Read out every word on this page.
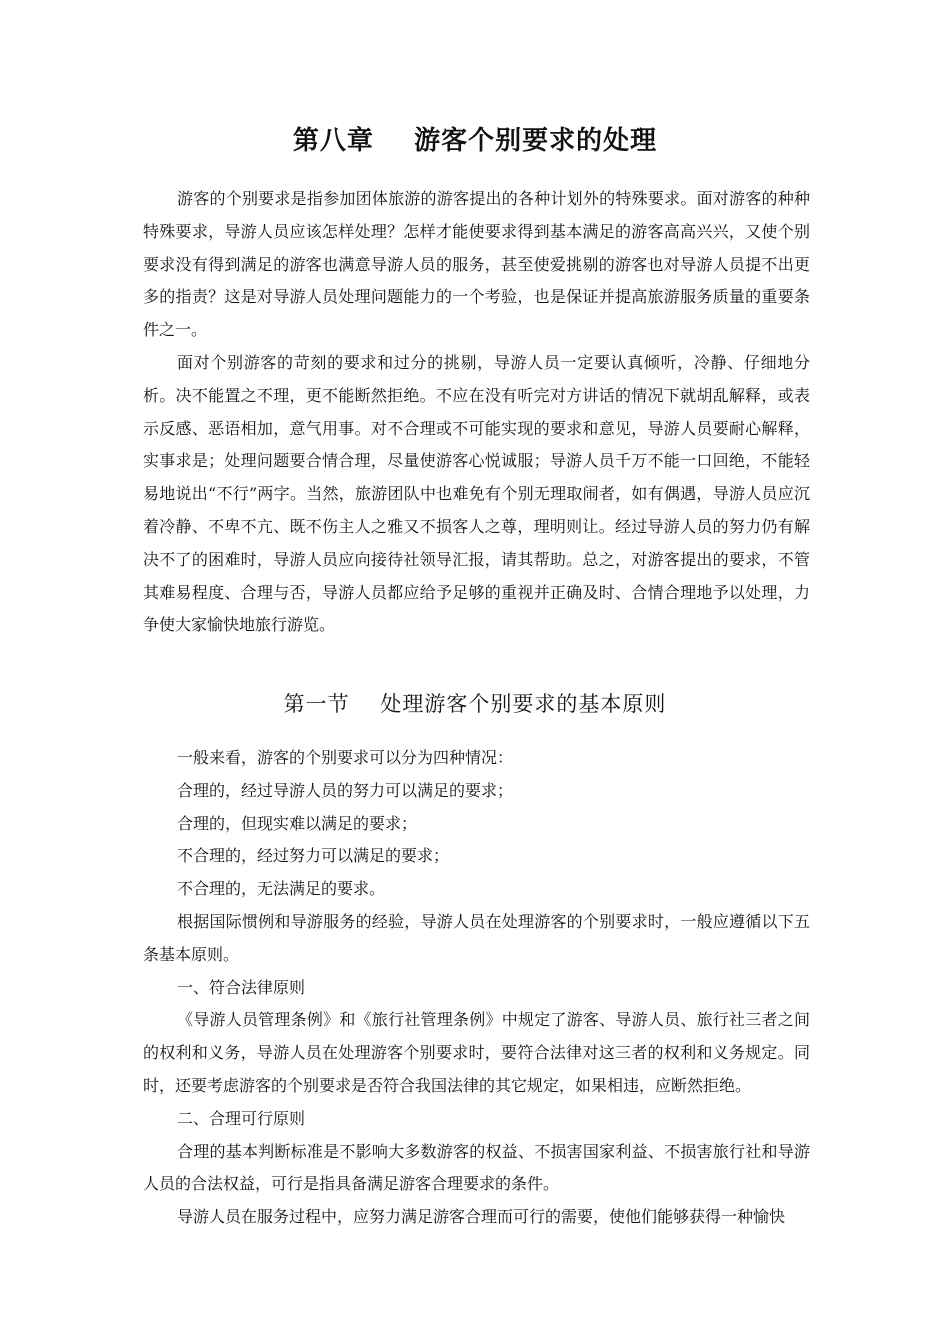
第八章    游客个别要求的处理

游客的个别要求是指参加团体旅游的游客提出的各种计划外的特殊要求。面对游客的种种特殊要求，导游人员应该怎样处理？怎样才能使要求得到基本满足的游客高高兴兴，又使个别要求没有得到满足的游客也满意导游人员的服务，甚至使爱挑剔的游客也对导游人员提不出更多的指责？这是对导游人员处理问题能力的一个考验，也是保证并提高旅游服务质量的重要条件之一。

面对个别游客的苛刻的要求和过分的挑剔，导游人员一定要认真倾听，冷静、仔细地分析。决不能置之不理，更不能断然拒绝。不应在没有听完对方讲话的情况下就胡乱解释，或表示反感、恶语相加，意气用事。对不合理或不可能实现的要求和意见，导游人员要耐心解释，实事求是；处理问题要合情合理，尽量使游客心悦诚服；导游人员千万不能一口回绝，不能轻易地说出“不行”两字。当然，旅游团队中也难免有个别无理取闹者，如有偶遇，导游人员应沉着冷静、不卑不亢、既不伤主人之雅又不损客人之尊，理明则让。经过导游人员的努力仍有解决不了的困难时，导游人员应向接待社领导汇报，请其帮助。总之，对游客提出的要求，不管其难易程度、合理与否，导游人员都应给予足够的重视并正确及时、合情合理地予以处理，力争使大家愉快地旅行游览。

第一节    处理游客个别要求的基本原则

一般来看，游客的个别要求可以分为四种情况：

合理的，经过导游人员的努力可以满足的要求；

合理的，但现实难以满足的要求；

不合理的，经过努力可以满足的要求；

不合理的，无法满足的要求。

根据国际惯例和导游服务的经验，导游人员在处理游客的个别要求时，一般应遵循以下五条基本原则。

一、符合法律原则

《导游人员管理条例》和《旅行社管理条例》中规定了游客、导游人员、旅行社三者之间的权利和义务，导游人员在处理游客个别要求时，要符合法律对这三者的权利和义务规定。同时，还要考虑游客的个别要求是否符合我国法律的其它规定，如果相违，应断然拒绝。

二、合理可行原则

合理的基本判断标准是不影响大多数游客的权益、不损害国家利益、不损害旅行社和导游人员的合法权益，可行是指具备满足游客合理要求的条件。

导游人员在服务过程中，应努力满足游客合理而可行的需要，使他们能够获得一种愉快
